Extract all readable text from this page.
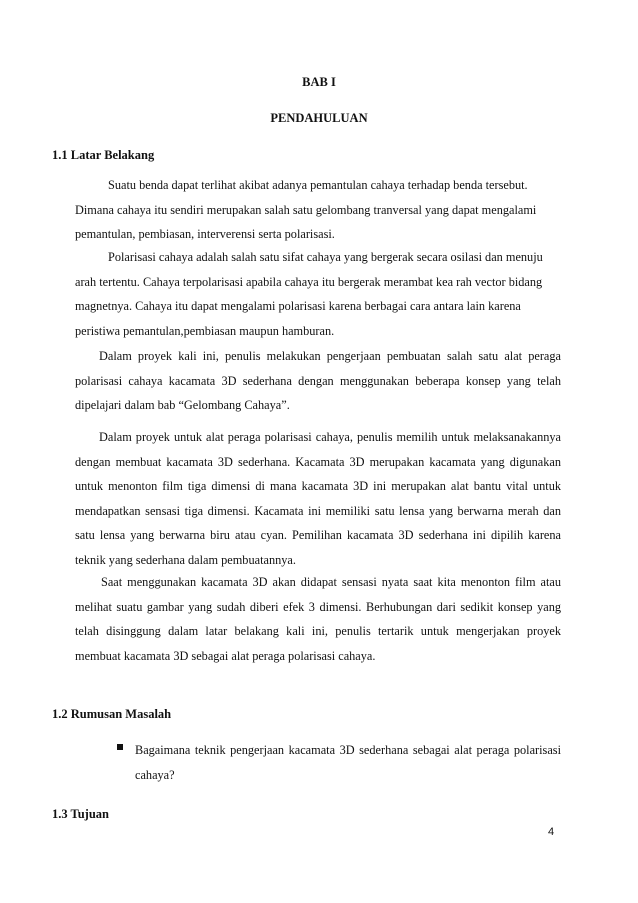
BAB I
PENDAHULUAN
1.1 Latar Belakang

Suatu benda dapat terlihat akibat adanya pemantulan cahaya terhadap benda tersebut. Dimana cahaya itu sendiri merupakan salah satu gelombang tranversal yang dapat mengalami pemantulan, pembiasan, interverensi serta polarisasi.

Polarisasi cahaya adalah salah satu sifat cahaya yang bergerak secara osilasi dan menuju arah tertentu. Cahaya terpolarisasi apabila cahaya itu bergerak merambat kea rah vector bidang magnetnya. Cahaya itu dapat mengalami polarisasi karena berbagai cara antara lain karena peristiwa pemantulan,pembiasan maupun hamburan.

Dalam proyek kali ini, penulis melakukan pengerjaan pembuatan salah satu alat peraga polarisasi cahaya kacamata 3D sederhana dengan menggunakan beberapa konsep yang telah dipelajari dalam bab “Gelombang Cahaya”.

Dalam proyek untuk alat peraga polarisasi cahaya, penulis memilih untuk melaksanakannya dengan membuat kacamata 3D sederhana. Kacamata 3D merupakan kacamata yang digunakan untuk menonton film tiga dimensi di mana kacamata 3D ini merupakan alat bantu vital untuk mendapatkan sensasi tiga dimensi. Kacamata ini memiliki satu lensa yang berwarna merah dan satu lensa yang berwarna biru atau cyan. Pemilihan kacamata 3D sederhana ini dipilih karena teknik yang sederhana dalam pembuatannya.

Saat menggunakan kacamata 3D akan didapat sensasi nyata saat kita menonton film atau melihat suatu gambar yang sudah diberi efek 3 dimensi. Berhubungan dari sedikit konsep yang telah disinggung dalam latar belakang kali ini, penulis tertarik untuk mengerjakan proyek membuat kacamata 3D sebagai alat peraga polarisasi cahaya.

1.2 Rumusan Masalah

Bagaimana teknik pengerjaan kacamata 3D sederhana sebagai alat peraga polarisasi cahaya?

1.3 Tujuan
4
